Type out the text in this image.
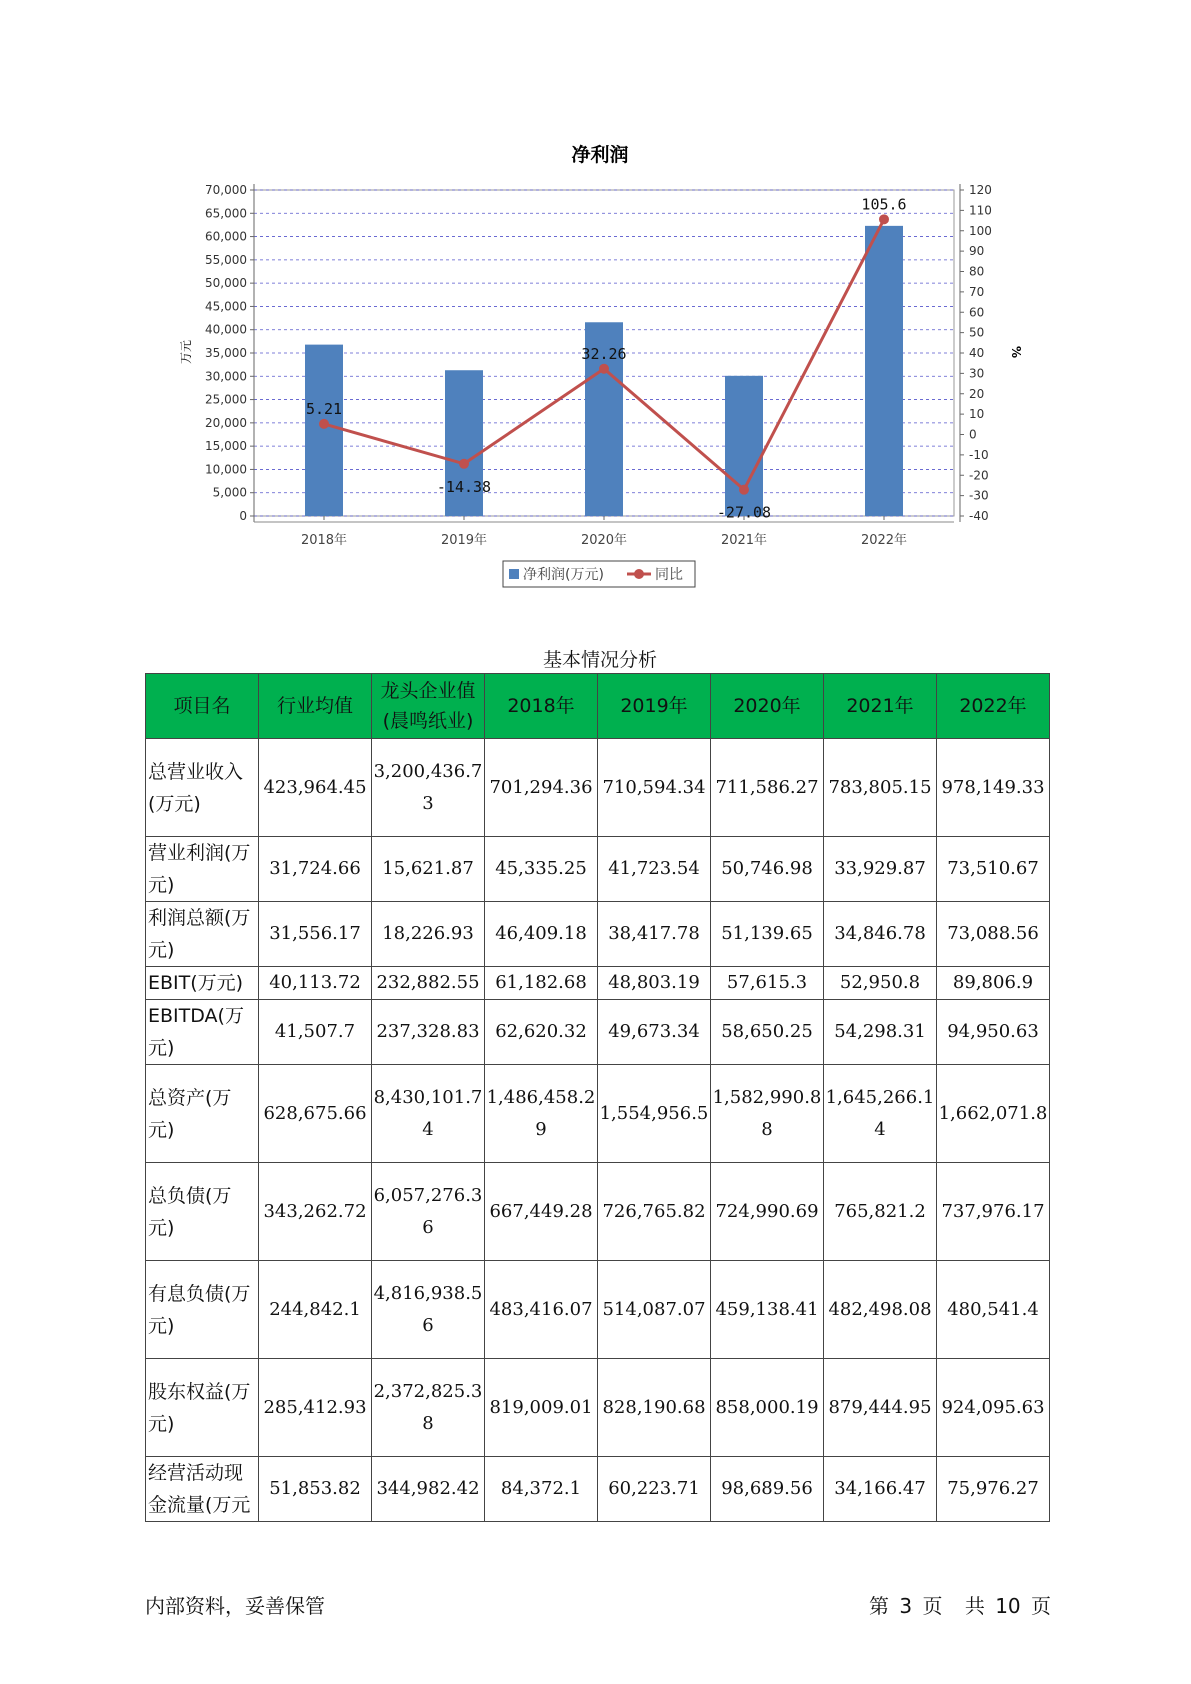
净利润
70,000
65,000
60,000
55,000
50,000
45,000
40,000
35,000
30,000
25,000
20,000
15,000
10,000
5,000
0
120
110
100
90
80
70
60
50
40
30
20
10
0
-10
-20
-30
-40
万元	%
2018年	2019年	2020年	2021年	2022年
5.21
-14.38
32.26
-27.08
105.6
净利润(万元)	同比
基本情况分析
项目名	行业均值	龙头企业值(晨鸣纸业)	2018年	2019年	2020年	2021年	2022年
总营业收入(万元)	423,964.45	3,200,436.73	701,294.36	710,594.34	711,586.27	783,805.15	978,149.33
营业利润(万元)	31,724.66	15,621.87	45,335.25	41,723.54	50,746.98	33,929.87	73,510.67
利润总额(万元)	31,556.17	18,226.93	46,409.18	38,417.78	51,139.65	34,846.78	73,088.56
EBIT(万元)	40,113.72	232,882.55	61,182.68	48,803.19	57,615.3	52,950.8	89,806.9
EBITDA(万元)	41,507.7	237,328.83	62,620.32	49,673.34	58,650.25	54,298.31	94,950.63
总资产(万元)	628,675.66	8,430,101.74	1,486,458.29	1,554,956.5	1,582,990.88	1,645,266.14	1,662,071.8
总负债(万元)	343,262.72	6,057,276.36	667,449.28	726,765.82	724,990.69	765,821.2	737,976.17
有息负债(万元)	244,842.1	4,816,938.56	483,416.07	514,087.07	459,138.41	482,498.08	480,541.4
股东权益(万元)	285,412.93	2,372,825.38	819,009.01	828,190.68	858,000.19	879,444.95	924,095.63
经营活动现金流量(万元	51,853.82	344,982.42	84,372.1	60,223.71	98,689.56	34,166.47	75,976.27
内部资料，妥善保管	第 3 页 共 10 页
